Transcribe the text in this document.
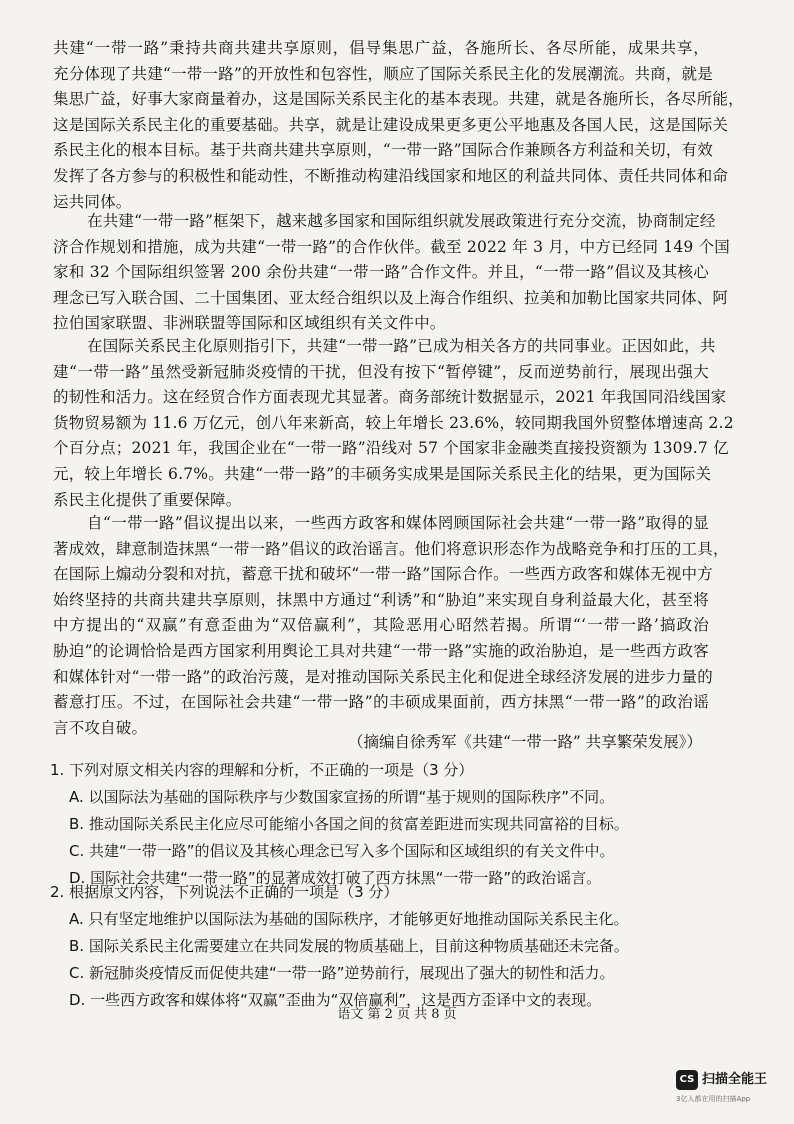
共建“一带一路”秉持共商共建共享原则，倡导集思广益，各施所长、各尽所能，成果共享，
充分体现了共建“一带一路”的开放性和包容性，顺应了国际关系民主化的发展潮流。共商，就是
集思广益，好事大家商量着办，这是国际关系民主化的基本表现。共建，就是各施所长，各尽所能，
这是国际关系民主化的重要基础。共享，就是让建设成果更多更公平地惠及各国人民，这是国际关
系民主化的根本目标。基于共商共建共享原则，“一带一路”国际合作兼顾各方利益和关切，有效
发挥了各方参与的积极性和能动性，不断推动构建沿线国家和地区的利益共同体、责任共同体和命
运共同体。
在共建“一带一路”框架下，越来越多国家和国际组织就发展政策进行充分交流，协商制定经
济合作规划和措施，成为共建“一带一路”的合作伙伴。截至 2022 年 3 月，中方已经同 149 个国
家和 32 个国际组织签署 200 余份共建“一带一路”合作文件。并且，“一带一路”倡议及其核心
理念已写入联合国、二十国集团、亚太经合组织以及上海合作组织、拉美和加勒比国家共同体、阿
拉伯国家联盟、非洲联盟等国际和区域组织有关文件中。
在国际关系民主化原则指引下，共建“一带一路”已成为相关各方的共同事业。正因如此，共
建“一带一路”虽然受新冠肺炎疫情的干扰，但没有按下“暂停键”，反而逆势前行，展现出强大
的韧性和活力。这在经贸合作方面表现尤其显著。商务部统计数据显示，2021 年我国同沿线国家
货物贸易额为 11.6 万亿元，创八年来新高，较上年增长 23.6%，较同期我国外贸整体增速高 2.2
个百分点；2021 年，我国企业在“一带一路”沿线对 57 个国家非金融类直接投资额为 1309.7 亿
元，较上年增长 6.7%。共建“一带一路”的丰硕务实成果是国际关系民主化的结果，更为国际关
系民主化提供了重要保障。
自“一带一路”倡议提出以来，一些西方政客和媒体罔顾国际社会共建“一带一路”取得的显
著成效，肆意制造抹黑“一带一路”倡议的政治谣言。他们将意识形态作为战略竞争和打压的工具，
在国际上煽动分裂和对抗，蓄意干扰和破坏“一带一路”国际合作。一些西方政客和媒体无视中方
始终坚持的共商共建共享原则，抹黑中方通过“利诱”和“胁迫”来实现自身利益最大化，甚至将
中方提出的“双赢”有意歪曲为“双倍赢利”，其险恶用心昭然若揭。所谓“‘一带一路’搞政治
胁迫”的论调恰恰是西方国家利用舆论工具对共建“一带一路”实施的政治胁迫，是一些西方政客
和媒体针对“一带一路”的政治污蔑，是对推动国际关系民主化和促进全球经济发展的进步力量的
蓄意打压。不过，在国际社会共建“一带一路”的丰硕成果面前，西方抹黑“一带一路”的政治谣
言不攻自破。
（摘编自徐秀军《共建“一带一路” 共享繁荣发展》）
1. 下列对原文相关内容的理解和分析，不正确的一项是（3 分）
A. 以国际法为基础的国际秩序与少数国家宣扬的所谓“基于规则的国际秩序”不同。
B. 推动国际关系民主化应尽可能缩小各国之间的贫富差距进而实现共同富裕的目标。
C. 共建“一带一路”的倡议及其核心理念已写入多个国际和区域组织的有关文件中。
D. 国际社会共建“一带一路”的显著成效打破了西方抹黑“一带一路”的政治谣言。
2. 根据原文内容，下列说法不正确的一项是（3 分）
A. 只有坚定地维护以国际法为基础的国际秩序，才能够更好地推动国际关系民主化。
B. 国际关系民主化需要建立在共同发展的物质基础上，目前这种物质基础还未完备。
C. 新冠肺炎疫情反而促使共建“一带一路”逆势前行，展现出了强大的韧性和活力。
D. 一些西方政客和媒体将“双赢”歪曲为“双倍赢利”，这是西方歪译中文的表现。
语文 第 2 页 共 8 页
CS 扫描全能王
3亿人都在用的扫描App
